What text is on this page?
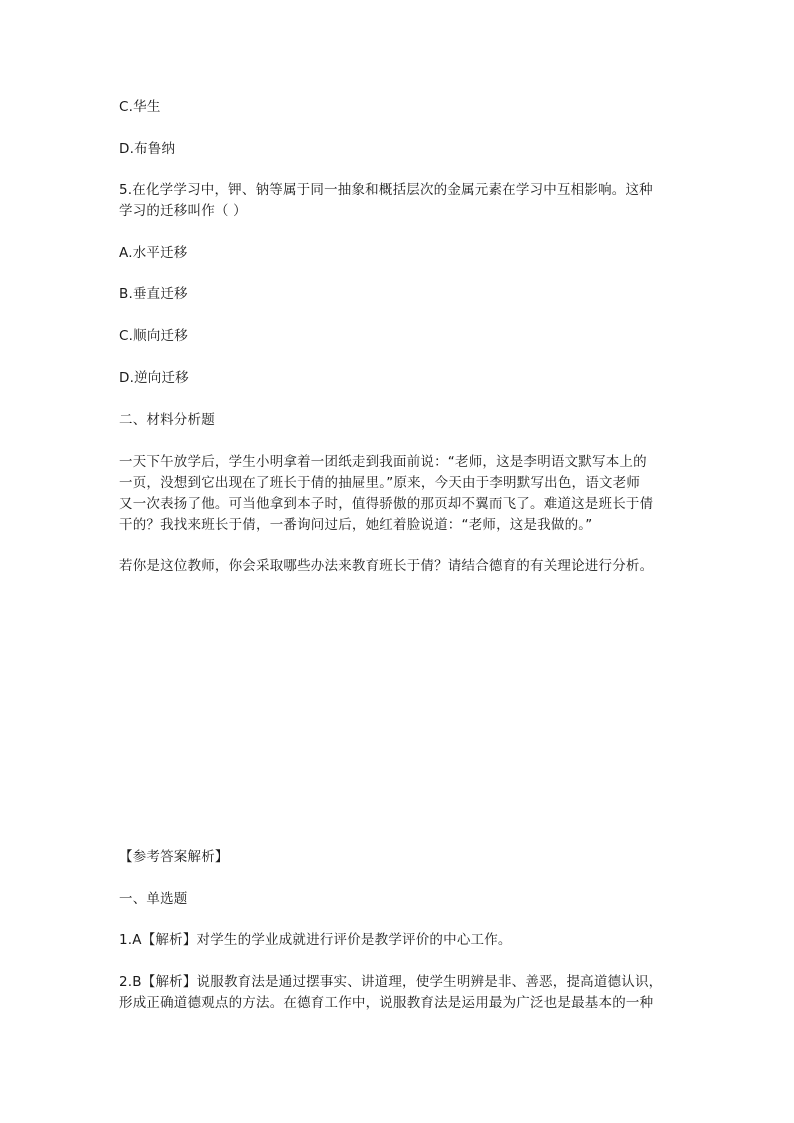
C.华生
D.布鲁纳
5.在化学学习中，钾、钠等属于同一抽象和概括层次的金属元素在学习中互相影响。这种
学习的迁移叫作（ ）
A.水平迁移
B.垂直迁移
C.顺向迁移
D.逆向迁移
二、材料分析题
一天下午放学后，学生小明拿着一团纸走到我面前说：“老师，这是李明语文默写本上的
一页，没想到它出现在了班长于倩的抽屉里。”原来，今天由于李明默写出色，语文老师
又一次表扬了他。可当他拿到本子时，值得骄傲的那页却不翼而飞了。难道这是班长于倩
干的？我找来班长于倩，一番询问过后，她红着脸说道：“老师，这是我做的。”
若你是这位教师，你会采取哪些办法来教育班长于倩？请结合德育的有关理论进行分析。
【参考答案解析】
一、单选题
1.A【解析】对学生的学业成就进行评价是教学评价的中心工作。
2.B【解析】说服教育法是通过摆事实、讲道理，使学生明辨是非、善恶，提高道德认识，
形成正确道德观点的方法。在德育工作中，说服教育法是运用最为广泛也是最基本的一种
